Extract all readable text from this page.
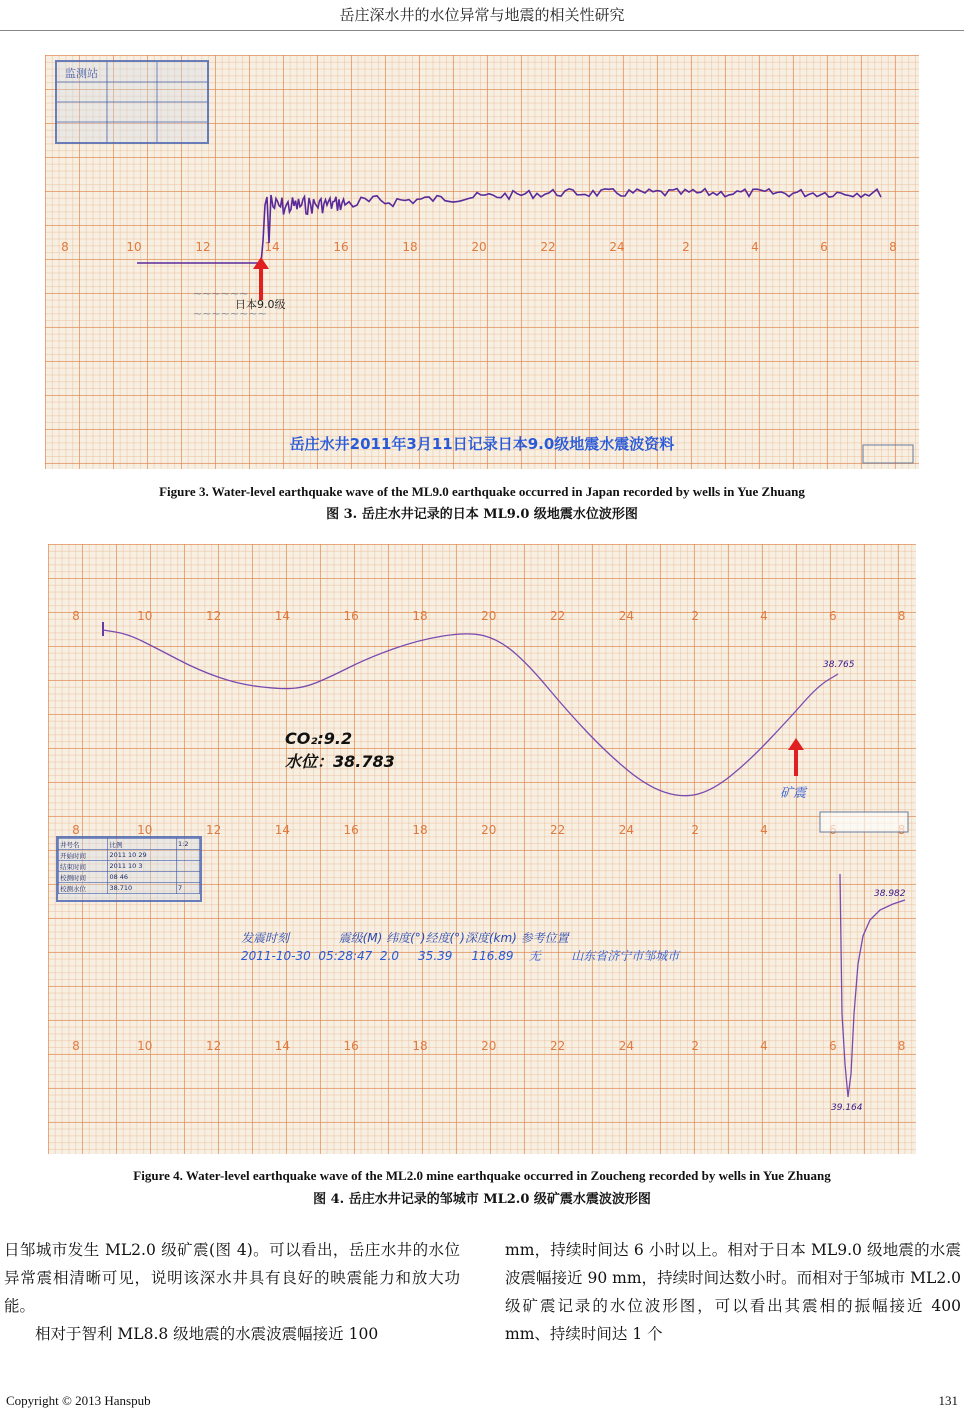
岳庄深水井的水位异常与地震的相关性研究
监测站
8	10	12	14	16	18	20	22	24	2	4	6	8
~~~~~~
~~~~~~~~
日本9.0级
岳庄水井2011年3月11日记录日本9.0级地震水震波资料
Figure 3. Water-level earthquake wave of the ML9.0 earthquake occurred in Japan recorded by wells in Yue Zhuang
图 3. 岳庄水井记录的日本 ML9.0 级地震水位波形图
8	10	12	14	16	18	20	22	24	2	4	6	8
8	10	12	14	16	18	20	22	24	2	4
8	10	12	14	16	18	20	22	24	2	4	6	8
38.765
CO₂:9.2
水位：38.783
矿震
38.982
39.164
发震时刻             震级(M) 纬度(°)经度(°)深度(km) 参考位置
2011-10-30  05:28:47  2.0     35.39     116.89    无        山东省济宁市邹城市
井号名	比例	1:2
开始时间	2011 10 29	
结束时间	2011 10 3	
校测时间	08 46	
校测水位	38.710	7
Figure 4. Water-level earthquake wave of the ML2.0 mine earthquake occurred in Zoucheng recorded by wells in Yue Zhuang
图 4. 岳庄水井记录的邹城市 ML2.0 级矿震水震波波形图

日邹城市发生 ML2.0 级矿震(图 4)。可以看出，岳庄水井的水位异常震相清晰可见，说明该深水井具有良好的映震能力和放大功能。

相对于智利 ML8.8 级地震的水震波震幅接近 100

mm，持续时间达 6 小时以上。相对于日本 ML9.0 级地震的水震波震幅接近 90 mm，持续时间达数小时。而相对于邹城市 ML2.0 级矿震记录的水位波形图，可以看出其震相的振幅接近 400 mm、持续时间达 1 个

Copyright © 2013 Hanspub	131
